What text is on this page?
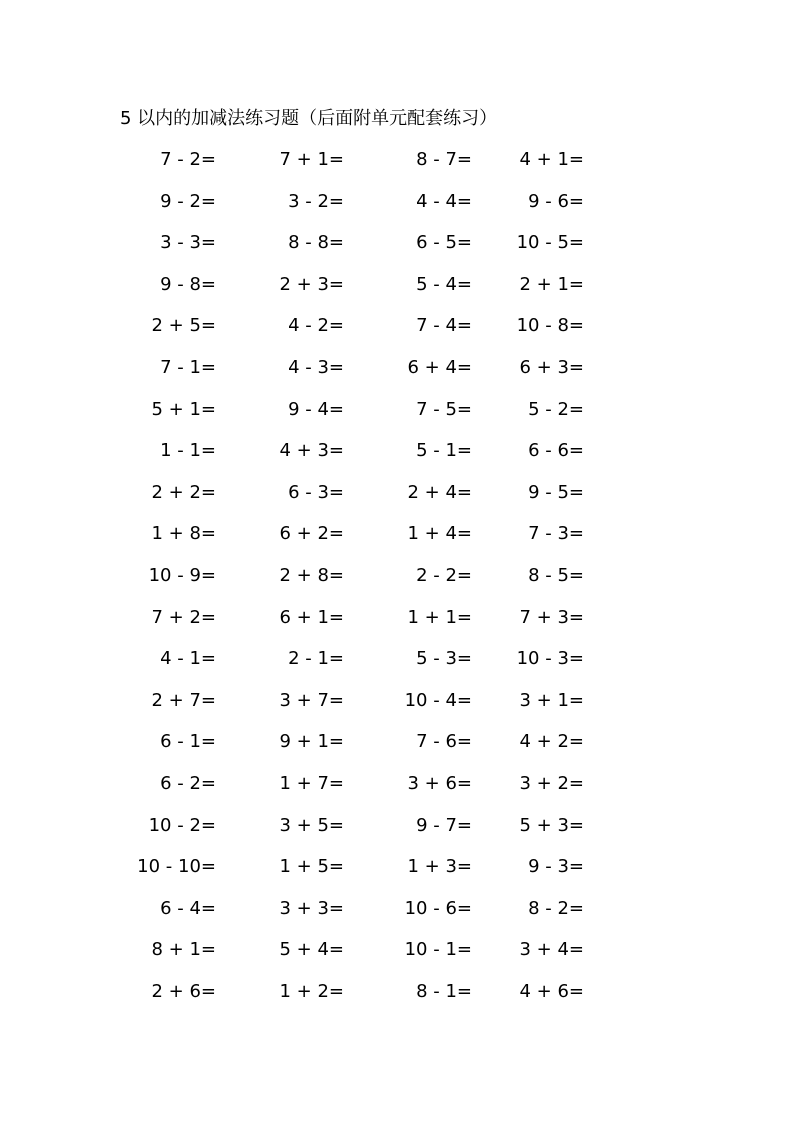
5 以内的加减法练习题（后面附单元配套练习）
7 - 2=	7 + 1=	8 - 7=	4 + 1=
9 - 2=	3 - 2=	4 - 4=	9 - 6=
3 - 3=	8 - 8=	6 - 5=	10 - 5=
9 - 8=	2 + 3=	5 - 4=	2 + 1=
2 + 5=	4 - 2=	7 - 4=	10 - 8=
7 - 1=	4 - 3=	6 + 4=	6 + 3=
5 + 1=	9 - 4=	7 - 5=	5 - 2=
1 - 1=	4 + 3=	5 - 1=	6 - 6=
2 + 2=	6 - 3=	2 + 4=	9 - 5=
1 + 8=	6 + 2=	1 + 4=	7 - 3=
10 - 9=	2 + 8=	2 - 2=	8 - 5=
7 + 2=	6 + 1=	1 + 1=	7 + 3=
4 - 1=	2 - 1=	5 - 3=	10 - 3=
2 + 7=	3 + 7=	10 - 4=	3 + 1=
6 - 1=	9 + 1=	7 - 6=	4 + 2=
6 - 2=	1 + 7=	3 + 6=	3 + 2=
10 - 2=	3 + 5=	9 - 7=	5 + 3=
10 - 10=	1 + 5=	1 + 3=	9 - 3=
6 - 4=	3 + 3=	10 - 6=	8 - 2=
8 + 1=	5 + 4=	10 - 1=	3 + 4=
2 + 6=	1 + 2=	8 - 1=	4 + 6=
